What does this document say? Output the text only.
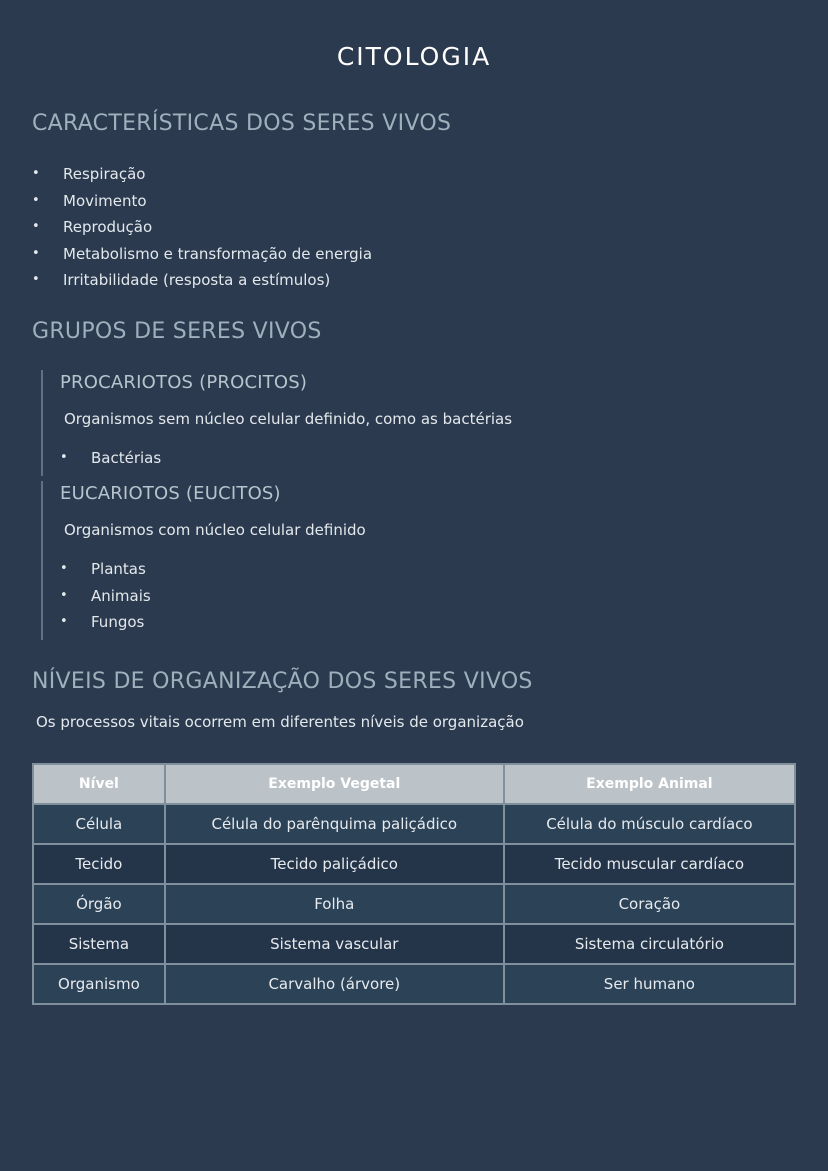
CITOLOGIA
CARACTERÍSTICAS DOS SERES VIVOS
• Respiração
• Movimento
• Reprodução
• Metabolismo e transformação de energia
• Irritabilidade (resposta a estímulos)
GRUPOS DE SERES VIVOS
PROCARIOTOS (PROCITOS)

Organismos sem núcleo celular definido, como as bactérias

• Bactérias
EUCARIOTOS (EUCITOS)

Organismos com núcleo celular definido

• Plantas
• Animais
• Fungos
NÍVEIS DE ORGANIZAÇÃO DOS SERES VIVOS
Os processos vitais ocorrem em diferentes níveis de organização
Nível	Exemplo Vegetal	Exemplo Animal
Célula	Célula do parênquima paliçádico	Célula do músculo cardíaco
Tecido	Tecido paliçádico	Tecido muscular cardíaco
Órgão	Folha	Coração
Sistema	Sistema vascular	Sistema circulatório
Organismo	Carvalho (árvore)	Ser humano
